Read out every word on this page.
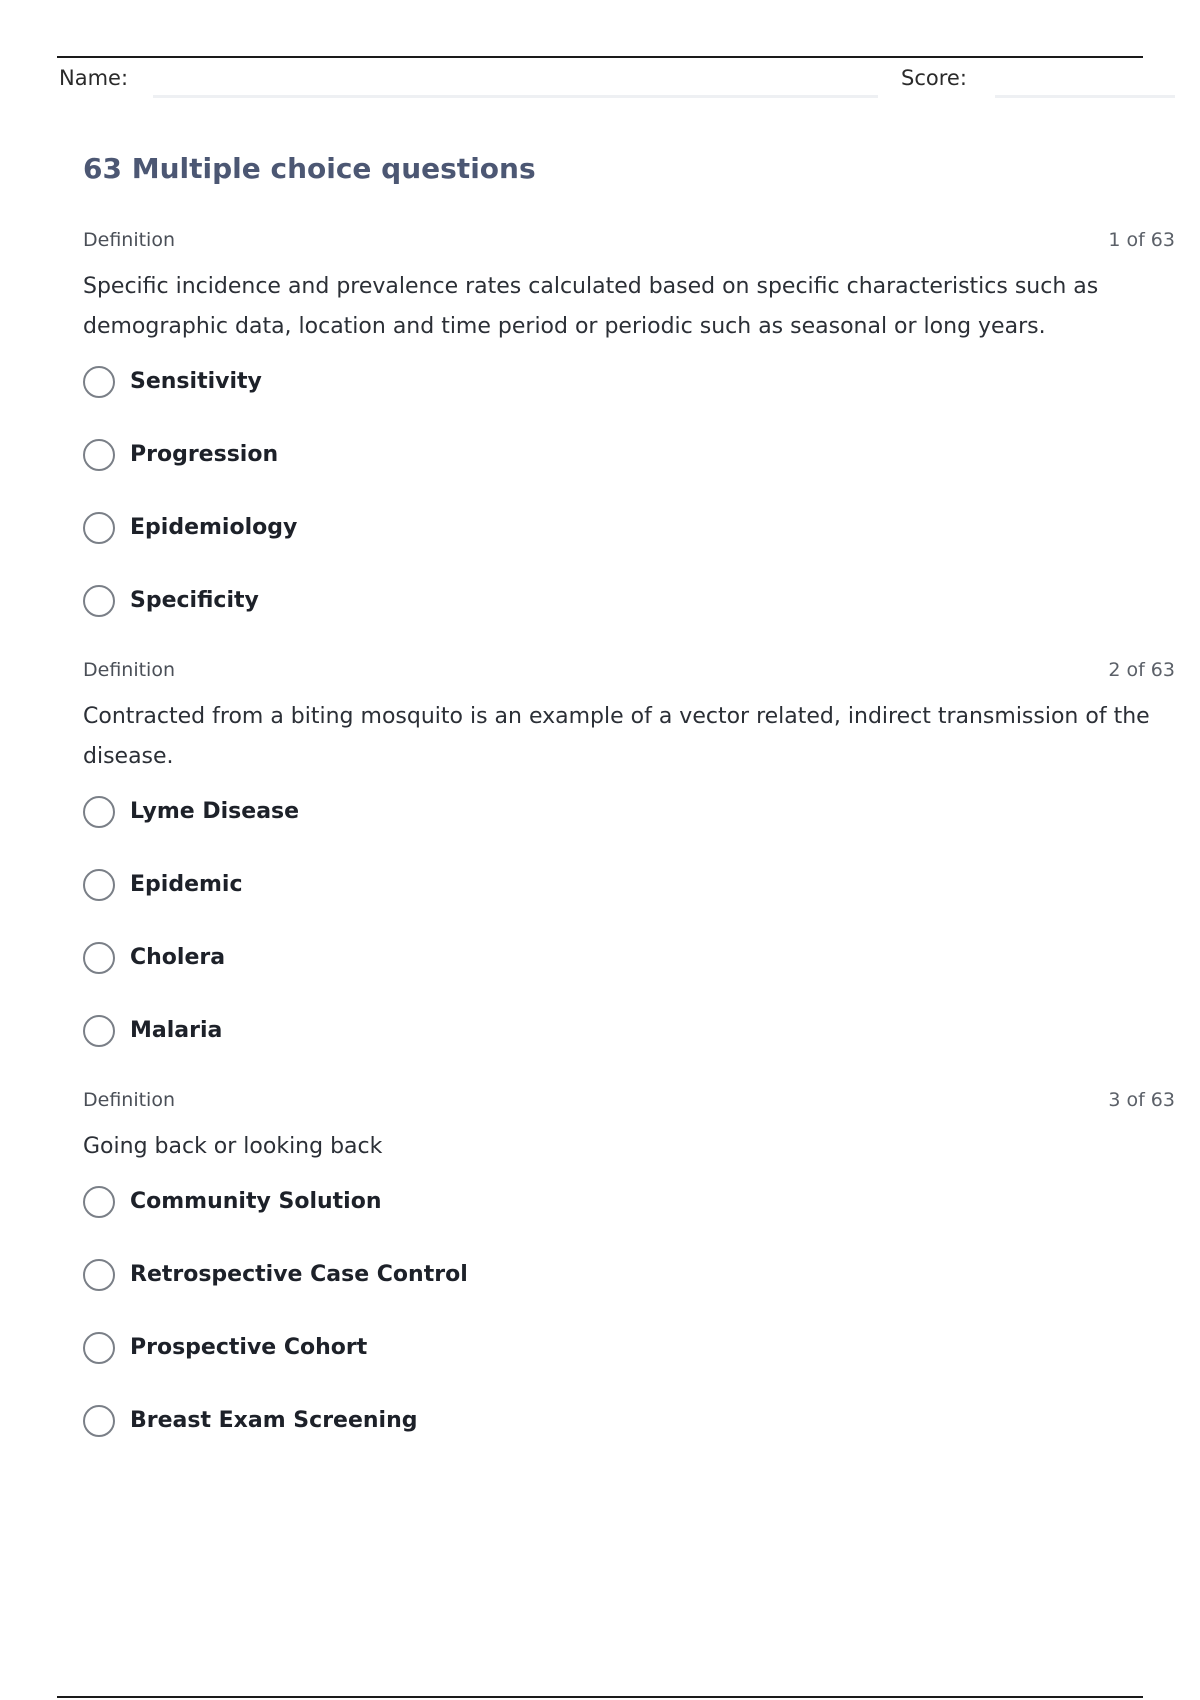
Name:	Score:
63 Multiple choice questions
Definition	1 of 63
Specific incidence and prevalence rates calculated based on specific characteristics such as demographic data, location and time period or periodic such as seasonal or long years.
Sensitivity
Progression
Epidemiology
Specificity
Definition	2 of 63
Contracted from a biting mosquito is an example of a vector related, indirect transmission of the disease.
Lyme Disease
Epidemic
Cholera
Malaria
Definition	3 of 63
Going back or looking back
Community Solution
Retrospective Case Control
Prospective Cohort
Breast Exam Screening
